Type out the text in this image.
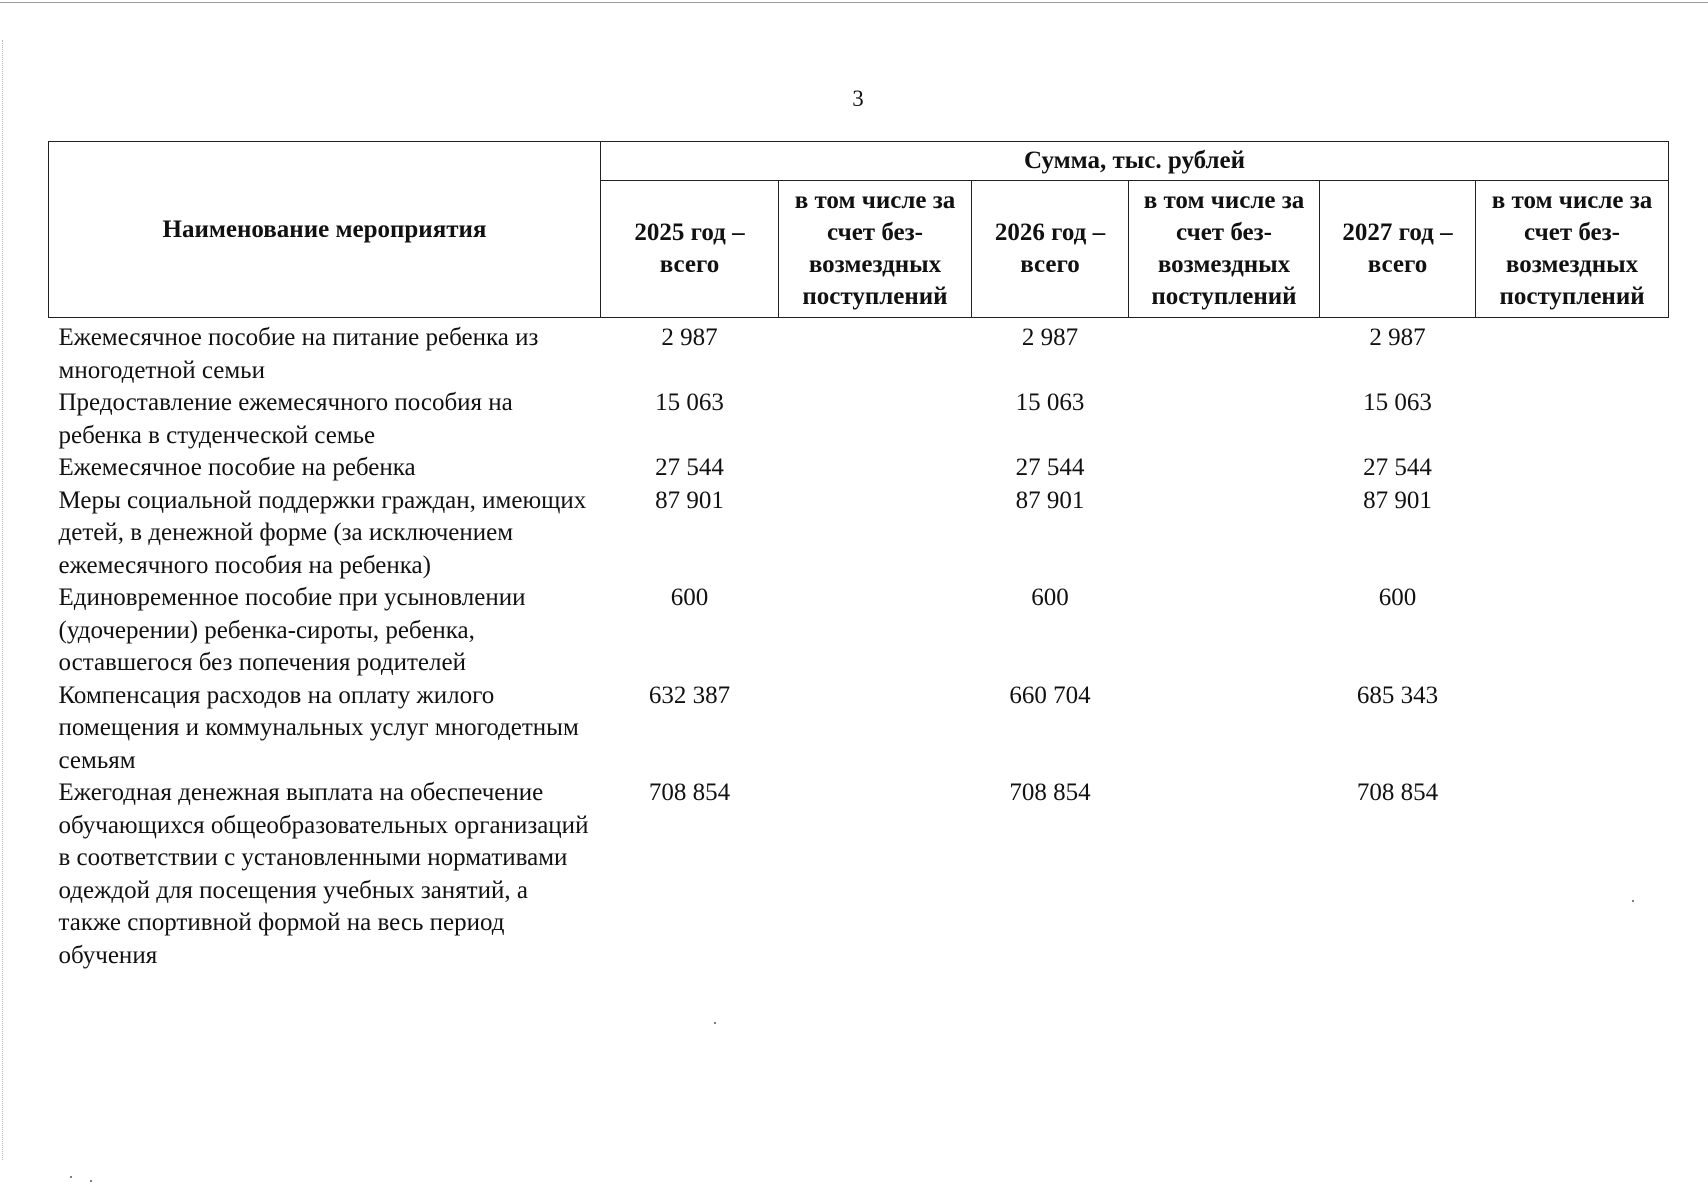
3
Наименование мероприятия	Сумма, тыс. рублей					
	2025 год – всего	в том числе за счет без- возмездных поступлений	2026 год – всего	в том числе за счет без- возмездных поступлений	2027 год – всего	в том числе за счет без- возмездных поступлений
Ежемесячное пособие на питание ребенка из многодетной семьи	2 987		2 987		2 987	
Предоставление ежемесячного пособия на ребенка в студенческой семье	15 063		15 063		15 063	
Ежемесячное пособие на ребенка	27 544		27 544		27 544	
Меры социальной поддержки граждан, имеющих детей, в денежной форме (за исключением ежемесячного пособия на ребенка)	87 901		87 901		87 901	
Единовременное пособие при усыновлении (удочерении) ребенка-сироты, ребенка, оставшегося без попечения родителей	600		600		600	
Компенсация расходов на оплату жилого помещения и коммунальных услуг многодетным семьям	632 387		660 704		685 343	
Ежегодная денежная выплата на обеспечение обучающихся общеобразовательных организаций в соответствии с установленными нормативами одеждой для посещения учебных занятий, а также спортивной формой на весь период обучения	708 854		708 854		708 854	
